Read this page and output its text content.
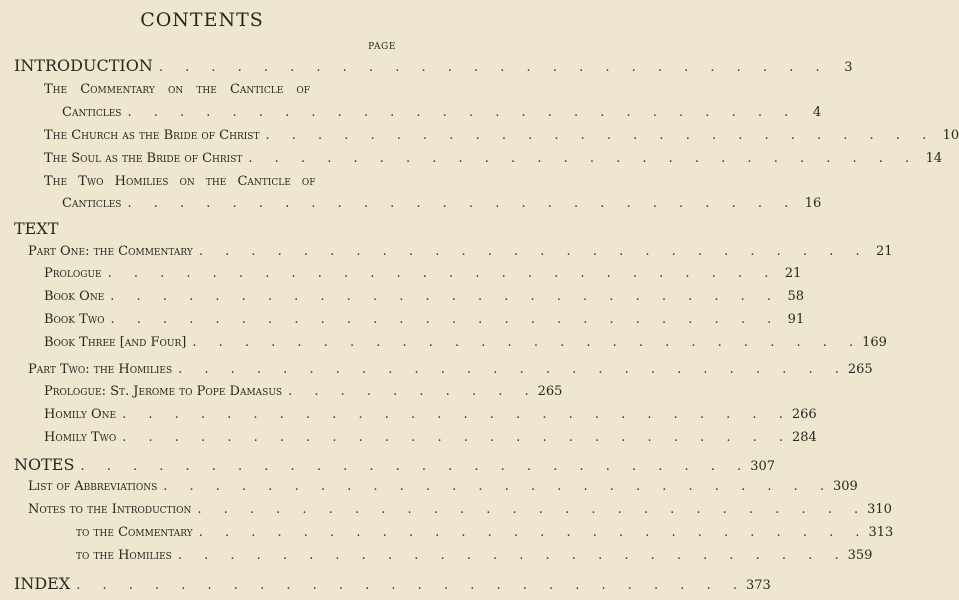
CONTENTS
PAGE
INTRODUCTION . . . . . . . . . . . . . . . . . . . . . . . . . .	3
The Commentary on the Canticle of
Canticles . . . . . . . . . . . . . . . . . . . . . . . . . .	4
The Church as the Bride of Christ . . . . . . . . . . . . . . . . . . . . . . . . . . 10
The Soul as the Bride of Christ . . . . . . . . . . . . . . . . . . . . . . . . . . 14
The Two Homilies on the Canticle of
Canticles . . . . . . . . . . . . . . . . . . . . . . . . . . 16
TEXT
Part One: the Commentary . . . . . . . . . . . . . . . . . . . . . . . . . . 21
Prologue . . . . . . . . . . . . . . . . . . . . . . . . . . 21
Book One . . . . . . . . . . . . . . . . . . . . . . . . . . 58
Book Two . . . . . . . . . . . . . . . . . . . . . . . . . . 91
Book Three [and Four] . . . . . . . . . . . . . . . . . . . . . . . . . . 169
Part Two: the Homilies . . . . . . . . . . . . . . . . . . . . . . . . . . 265
Prologue: St. Jerome to Pope Damasus . . . . . . . . . . 265
Homily One . . . . . . . . . . . . . . . . . . . . . . . . . . 266
Homily Two . . . . . . . . . . . . . . . . . . . . . . . . . . 284
NOTES . . . . . . . . . . . . . . . . . . . . . . . . . . 307
List of Abbreviations . . . . . . . . . . . . . . . . . . . . . . . . . . 309
Notes to the Introduction . . . . . . . . . . . . . . . . . . . . . . . . . . 310
to the Commentary . . . . . . . . . . . . . . . . . . . . . . . . . . 313
to the Homilies . . . . . . . . . . . . . . . . . . . . . . . . . . 359
INDEX . . . . . . . . . . . . . . . . . . . . . . . . . . 373
